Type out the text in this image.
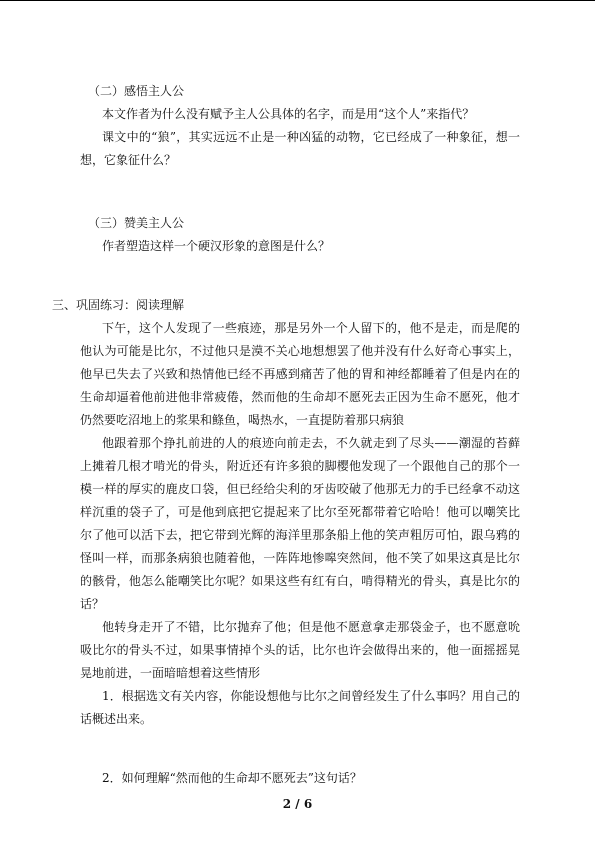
（二）感悟主人公

本文作者为什么没有赋予主人公具体的名字，而是用“这个人”来指代？

课文中的“狼”，其实远远不止是一种凶猛的动物，它已经成了一种象征，想一想，它象征什么？

（三）赞美主人公

作者塑造这样一个硬汉形象的意图是什么？

三、巩固练习：阅读理解

下午，这个人发现了一些痕迹，那是另外一个人留下的，他不是走，而是爬的他认为可能是比尔，不过他只是漠不关心地想想罢了他并没有什么好奇心事实上，他早已失去了兴致和热情他已经不再感到痛苦了他的胃和神经都睡着了但是内在的生命却逼着他前进他非常疲倦，然而他的生命却不愿死去正因为生命不愿死，他才仍然要吃沼地上的浆果和鲦鱼，喝热水，一直提防着那只病狼

他跟着那个挣扎前进的人的痕迹向前走去，不久就走到了尽头——潮湿的苔藓上摊着几根才啃光的骨头，附近还有许多狼的脚樱他发现了一个跟他自己的那个一模一样的厚实的鹿皮口袋，但已经给尖利的牙齿咬破了他那无力的手已经拿不动这样沉重的袋子了，可是他到底把它提起来了比尔至死都带着它哈哈！他可以嘲笑比尔了他可以活下去，把它带到光辉的海洋里那条船上他的笑声粗厉可怕，跟乌鸦的怪叫一样，而那条病狼也随着他，一阵阵地惨嗥突然间，他不笑了如果这真是比尔的骸骨，他怎么能嘲笑比尔呢？如果这些有红有白，啃得精光的骨头，真是比尔的话？

他转身走开了不错，比尔抛弃了他；但是他不愿意拿走那袋金子，也不愿意吮吸比尔的骨头不过，如果事情掉个头的话，比尔也许会做得出来的，他一面摇摇晃晃地前进，一面暗暗想着这些情形

1．根据选文有关内容，你能设想他与比尔之间曾经发生了什么事吗？用自己的话概述出来。

2．如何理解“然而他的生命却不愿死去”这句话？

2 / 6
